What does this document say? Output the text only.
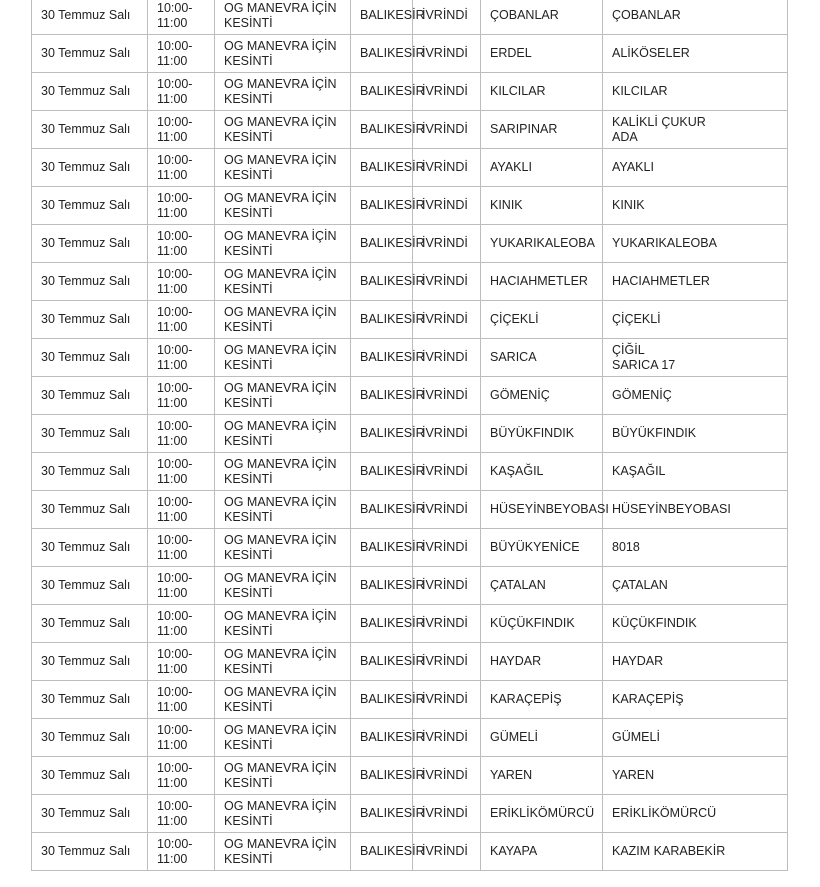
30 Temmuz Salı	10:00-
11:00	OG MANEVRA İÇİN
KESİNTİ	BALIKESİR	İVRİNDİ	ÇOBANLAR	ÇOBANLAR
30 Temmuz Salı	10:00-
11:00	OG MANEVRA İÇİN
KESİNTİ	BALIKESİR	İVRİNDİ	ERDEL	ALİKÖSELER
30 Temmuz Salı	10:00-
11:00	OG MANEVRA İÇİN
KESİNTİ	BALIKESİR	İVRİNDİ	KILCILAR	KILCILAR
30 Temmuz Salı	10:00-
11:00	OG MANEVRA İÇİN
KESİNTİ	BALIKESİR	İVRİNDİ	SARIPINAR	KALİKLİ ÇUKUR
ADA
30 Temmuz Salı	10:00-
11:00	OG MANEVRA İÇİN
KESİNTİ	BALIKESİR	İVRİNDİ	AYAKLI	AYAKLI
30 Temmuz Salı	10:00-
11:00	OG MANEVRA İÇİN
KESİNTİ	BALIKESİR	İVRİNDİ	KINIK	KINIK
30 Temmuz Salı	10:00-
11:00	OG MANEVRA İÇİN
KESİNTİ	BALIKESİR	İVRİNDİ	YUKARIKALEOBA	YUKARIKALEOBA
30 Temmuz Salı	10:00-
11:00	OG MANEVRA İÇİN
KESİNTİ	BALIKESİR	İVRİNDİ	HACIAHMETLER	HACIAHMETLER
30 Temmuz Salı	10:00-
11:00	OG MANEVRA İÇİN
KESİNTİ	BALIKESİR	İVRİNDİ	ÇİÇEKLİ	ÇİÇEKLİ
30 Temmuz Salı	10:00-
11:00	OG MANEVRA İÇİN
KESİNTİ	BALIKESİR	İVRİNDİ	SARICA	ÇİĞİL
SARICA 17
30 Temmuz Salı	10:00-
11:00	OG MANEVRA İÇİN
KESİNTİ	BALIKESİR	İVRİNDİ	GÖMENİÇ	GÖMENİÇ
30 Temmuz Salı	10:00-
11:00	OG MANEVRA İÇİN
KESİNTİ	BALIKESİR	İVRİNDİ	BÜYÜKFINDIK	BÜYÜKFINDIK
30 Temmuz Salı	10:00-
11:00	OG MANEVRA İÇİN
KESİNTİ	BALIKESİR	İVRİNDİ	KAŞAĞIL	KAŞAĞIL
30 Temmuz Salı	10:00-
11:00	OG MANEVRA İÇİN
KESİNTİ	BALIKESİR	İVRİNDİ	HÜSEYİNBEYOBASI	HÜSEYİNBEYOBASI
30 Temmuz Salı	10:00-
11:00	OG MANEVRA İÇİN
KESİNTİ	BALIKESİR	İVRİNDİ	BÜYÜKYENİCE	8018
30 Temmuz Salı	10:00-
11:00	OG MANEVRA İÇİN
KESİNTİ	BALIKESİR	İVRİNDİ	ÇATALAN	ÇATALAN
30 Temmuz Salı	10:00-
11:00	OG MANEVRA İÇİN
KESİNTİ	BALIKESİR	İVRİNDİ	KÜÇÜKFINDIK	KÜÇÜKFINDIK
30 Temmuz Salı	10:00-
11:00	OG MANEVRA İÇİN
KESİNTİ	BALIKESİR	İVRİNDİ	HAYDAR	HAYDAR
30 Temmuz Salı	10:00-
11:00	OG MANEVRA İÇİN
KESİNTİ	BALIKESİR	İVRİNDİ	KARAÇEPİŞ	KARAÇEPİŞ
30 Temmuz Salı	10:00-
11:00	OG MANEVRA İÇİN
KESİNTİ	BALIKESİR	İVRİNDİ	GÜMELİ	GÜMELİ
30 Temmuz Salı	10:00-
11:00	OG MANEVRA İÇİN
KESİNTİ	BALIKESİR	İVRİNDİ	YAREN	YAREN
30 Temmuz Salı	10:00-
11:00	OG MANEVRA İÇİN
KESİNTİ	BALIKESİR	İVRİNDİ	ERİKLİKÖMÜRCÜ	ERİKLİKÖMÜRCÜ
30 Temmuz Salı	10:00-
11:00	OG MANEVRA İÇİN
KESİNTİ	BALIKESİR	İVRİNDİ	KAYAPA	KAZIM KARABEKİR
